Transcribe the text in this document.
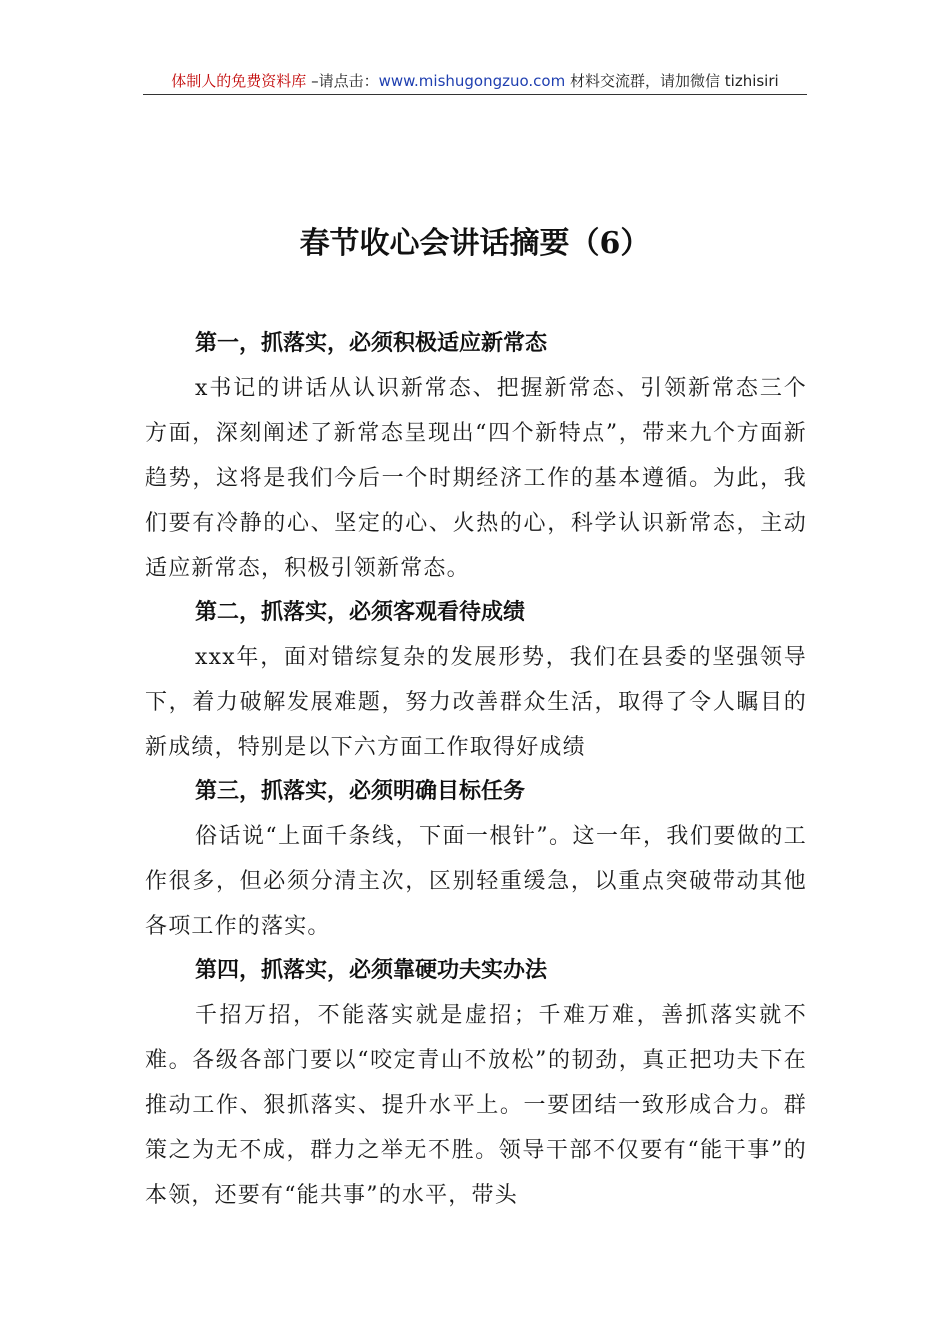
体制人的免费资料库 –请点击：www.mishugongzuo.com 材料交流群，请加微信 tizhisiri
春节收心会讲话摘要（6）
第一，抓落实，必须积极适应新常态

x书记的讲话从认识新常态、把握新常态、引领新常态三个方面，深刻阐述了新常态呈现出“四个新特点”，带来九个方面新趋势，这将是我们今后一个时期经济工作的基本遵循。为此，我们要有冷静的心、坚定的心、火热的心，科学认识新常态，主动适应新常态，积极引领新常态。

第二，抓落实，必须客观看待成绩

xxx年，面对错综复杂的发展形势，我们在县委的坚强领导下，着力破解发展难题，努力改善群众生活，取得了令人瞩目的新成绩，特别是以下六方面工作取得好成绩

第三，抓落实，必须明确目标任务

俗话说“上面千条线，下面一根针”。这一年，我们要做的工作很多，但必须分清主次，区别轻重缓急，以重点突破带动其他各项工作的落实。

第四，抓落实，必须靠硬功夫实办法

千招万招，不能落实就是虚招；千难万难，善抓落实就不难。各级各部门要以“咬定青山不放松”的韧劲，真正把功夫下在推动工作、狠抓落实、提升水平上。一要团结一致形成合力。群策之为无不成，群力之举无不胜。领导干部不仅要有“能干事”的本领，还要有“能共事”的水平，带头
